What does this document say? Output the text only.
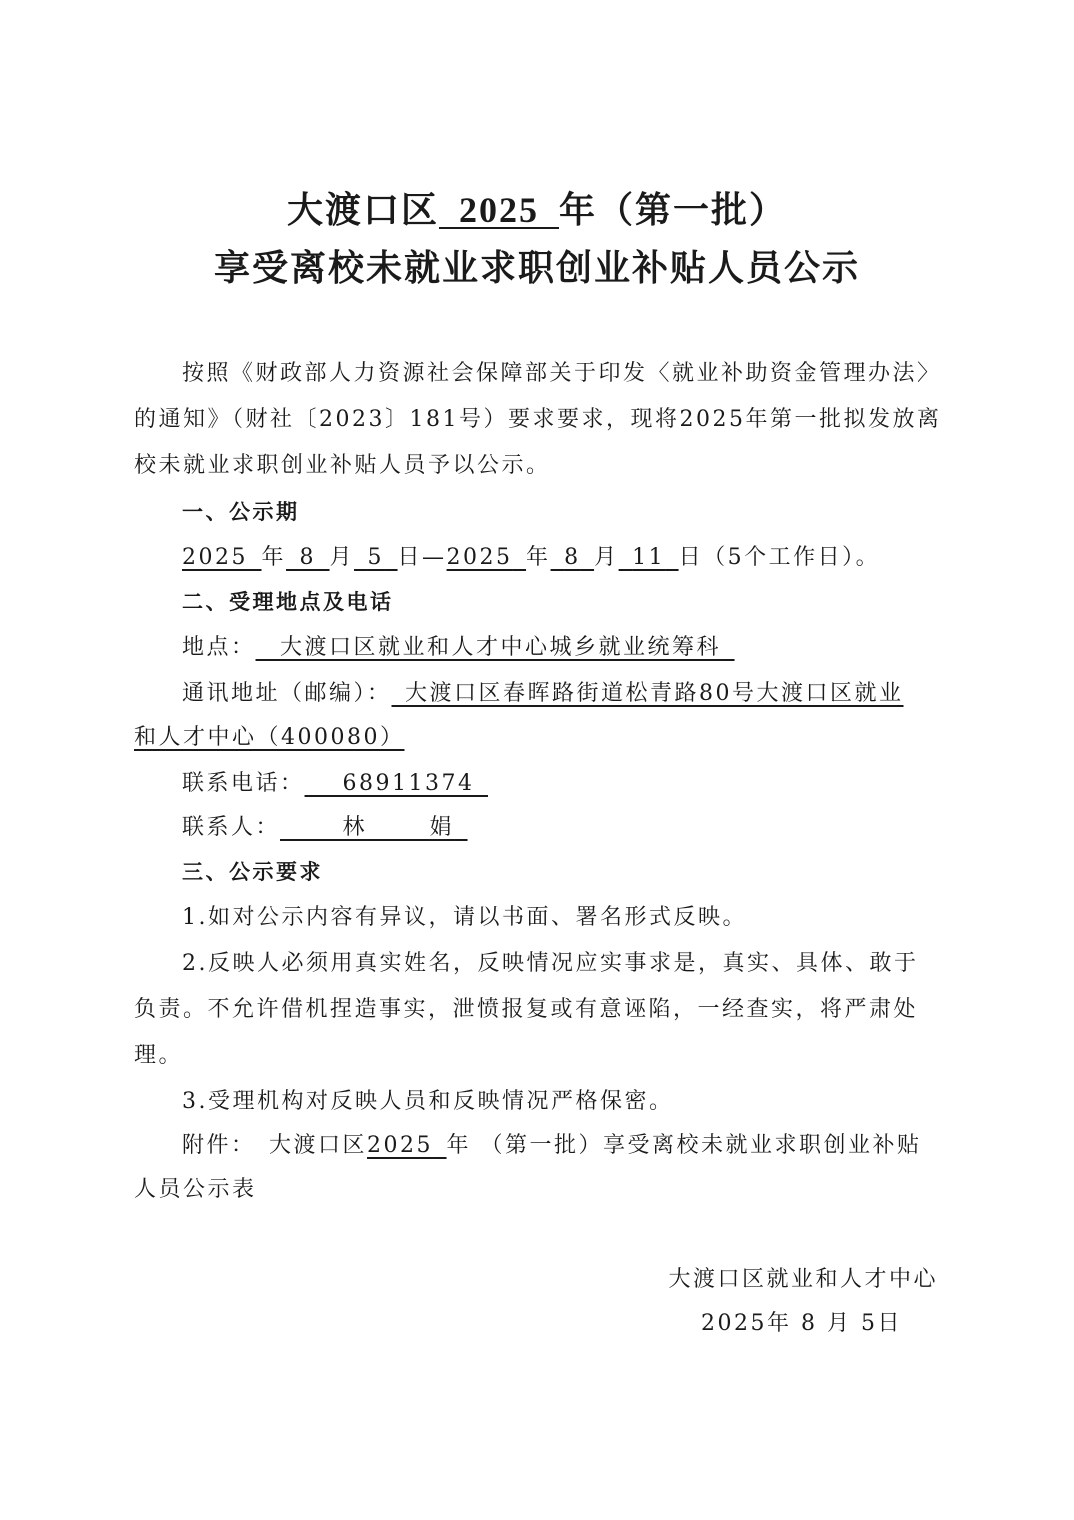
大渡口区  2025  年（第一批）
享受离校未就业求职创业补贴人员公示
按照《财政部人力资源社会保障部关于印发〈就业补助资金管理办法〉
的通知》（财社〔2023〕181号）要求要求，现将2025年第一批拟发放离
校未就业求职创业补贴人员予以公示。
一、公示期
2025  年  8  月  5  日—2025  年  8  月  11  日（5个工作日）。
二、受理地点及电话
地点：  大渡口区就业和人才中心城乡就业统筹科 
通讯地址（邮编）：  大渡口区春晖路街道松青路80号大渡口区就业
和人才中心（400080）
联系电话：   68911374 
联系人：   	林   	娟 
三、公示要求
1.如对公示内容有异议，请以书面、署名形式反映。
2.反映人必须用真实姓名，反映情况应实事求是，真实、具体、敢于
负责。不允许借机捏造事实，泄愤报复或有意诬陷，一经查实，将严肃处
理。
3.受理机构对反映人员和反映情况严格保密。
附件：  大渡口区2025  年 （第一批）享受离校未就业求职创业补贴
人员公示表
大渡口区就业和人才中心
2025年 8 月 5日
